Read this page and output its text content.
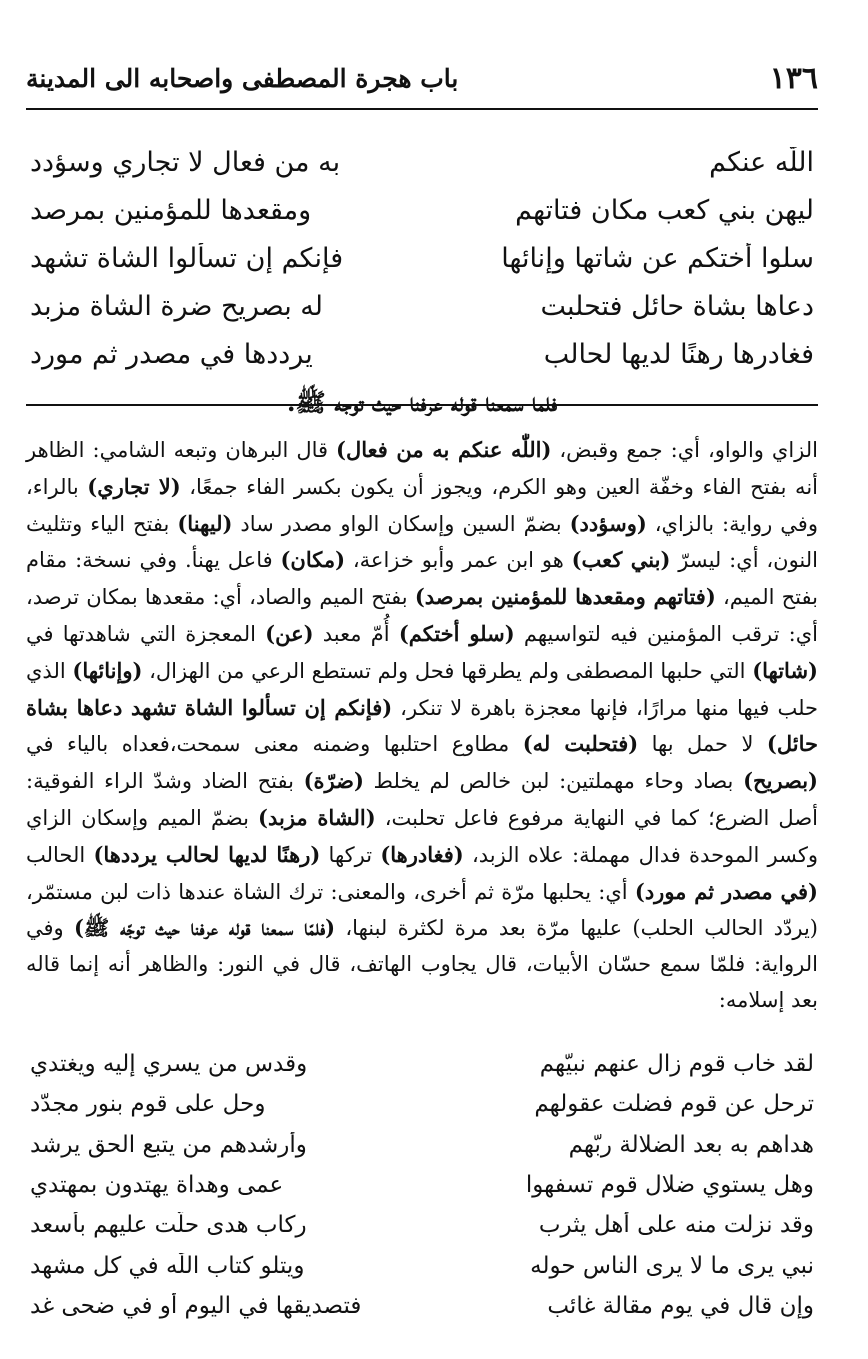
١٣٦
باب هجرة المصطفى واصحابه الى المدينة
اللّٰه عنكم
به من فعال لا تجاري وسؤدد
ليهن بني كعب مكان فتاتهم
ومقعدها للمؤمنين بمرصد
سلوا أختكم عن شاتها وإنائها
فإنكم إن تسألوا الشاة تشهد
دعاها بشاة حائل فتحلبت
له بصريح ضرة الشاة مزبد
فغادرها رهنًا لديها لحالب
يرددها في مصدر ثم مورد
فلما سمعنا قوله عرفنا حيث توجه ﷺ.
الزاي والواو، أي: جمع وقبض، (اللّٰه عنكم به من فعال) قال البرهان وتبعه الشامي: الظاهر أنه بفتح الفاء وخفّة العين وهو الكرم، ويجوز أن يكون بكسر الفاء جمعًا، (لا تجاري) بالراء، وفي رواية: بالزاي، (وسؤدد) بضمّ السين وإسكان الواو مصدر ساد (ليهنا) بفتح الياء وتثليث النون، أي: ليسرّ (بني كعب) هو ابن عمر وأبو خزاعة، (مكان) فاعل يهنأ. وفي نسخة: مقام بفتح الميم، (فتاتهم ومقعدها للمؤمنين بمرصد) بفتح الميم والصاد، أي: مقعدها بمكان ترصد، أي: ترقب المؤمنين فيه لتواسيهم (سلو أختكم) أُمّ معبد (عن) المعجزة التي شاهدتها في (شاتها) التي حلبها المصطفى ولم يطرقها فحل ولم تستطع الرعي من الهزال، (وإنائها) الذي حلب فيها منها مرارًا، فإنها معجزة باهرة لا تنكر، (فإنكم إن تسألوا الشاة تشهد دعاها بشاة حائل) لا حمل بها (فتحلبت له) مطاوع احتلبها وضمنه معنى سمحت،فعداه بالياء في (بصريح) بصاد وحاء مهملتين: لبن خالص لم يخلط (ضرّة) بفتح الضاد وشدّ الراء الفوقية: أصل الضرع؛ كما في النهاية مرفوع فاعل تحلبت، (الشاة مزبد) بضمّ الميم وإسكان الزاي وكسر الموحدة فدال مهملة: علاه الزبد، (فغادرها) تركها (رهنًا لديها لحالب يرددها) الحالب (في مصدر ثم مورد) أي: يحلبها مرّة ثم أخرى، والمعنى: ترك الشاة عندها ذات لبن مستمّر، (يردّد الحالب الحلب) عليها مرّة بعد مرة لكثرة لبنها، (فلمّا سمعنا قوله عرفنا حيث توجّه ﷺ) وفي الرواية: فلمّا سمع حسّان الأبيات، قال يجاوب الهاتف، قال في النور: والظاهر أنه إنما قاله بعد إسلامه:
لقد خاب قوم زال عنهم نبيّهم
وقدس من يسري إليه ويغتدي
ترحل عن قوم فضلت عقولهم
وحل على قوم بنور مجدّد
هداهم به بعد الضلالة ربّهم
وأرشدهم من يتبع الحق يرشد
وهل يستوي ضلال قوم تسفهوا
عمى وهداة يهتدون بمهتدي
وقد نزلت منه على أهل يثرب
ركاب هدى حلّت عليهم بأسعد
نبي يرى ما لا يرى الناس حوله
ويتلو كتاب اللّٰه في كل مشهد
وإن قال في يوم مقالة غائب
فتصديقها في اليوم أو في ضحى غد
